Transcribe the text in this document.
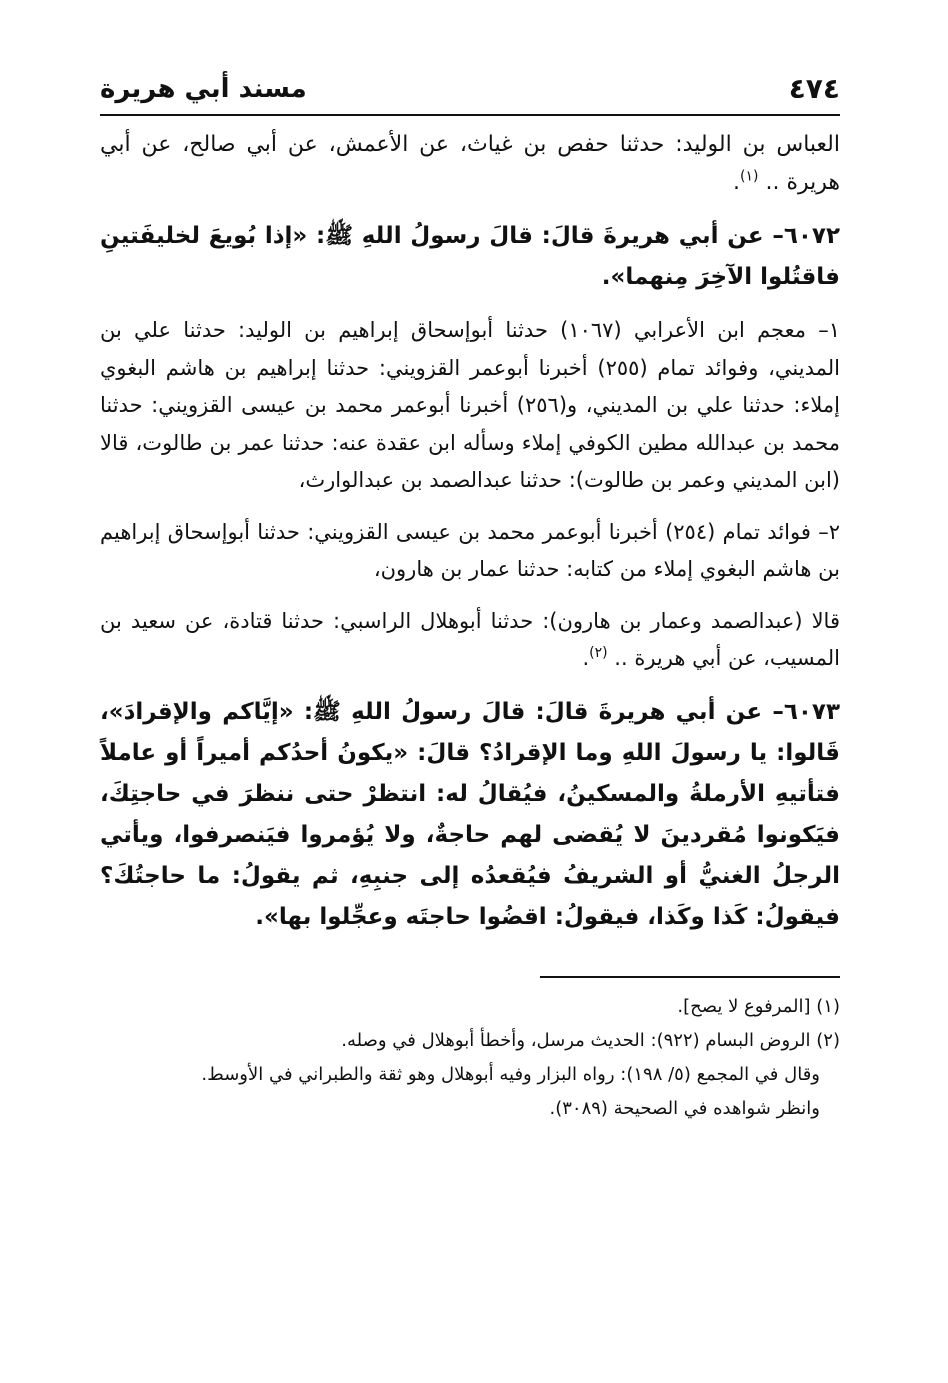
٤٧٤
مسند أبي هريرة

العباس بن الوليد: حدثنا حفص بن غياث، عن الأعمش، عن أبي صالح، عن أبي هريرة .. $^{(١)}$.

٦٠٧٢– عن أبي هريرةَ قالَ: قالَ رسولُ اللهِ ﷺ: «إذا بُويعَ لخليفَتينِ فاقتُلوا الآخِرَ مِنهما».

١– معجم ابن الأعرابي (١٠٦٧) حدثنا أبوإسحاق إبراهيم بن الوليد: حدثنا علي بن المديني، وفوائد تمام (٢٥٥) أخبرنا أبوعمر القزويني: حدثنا إبراهيم بن هاشم البغوي إملاء: حدثنا علي بن المديني، و(٢٥٦) أخبرنا أبوعمر محمد بن عيسى القزويني: حدثنا محمد بن عبدالله مطين الكوفي إملاء وسأله ابن عقدة عنه: حدثنا عمر بن طالوت، قالا (ابن المديني وعمر بن طالوت): حدثنا عبدالصمد بن عبدالوارث،

٢– فوائد تمام (٢٥٤) أخبرنا أبوعمر محمد بن عيسى القزويني: حدثنا أبوإسحاق إبراهيم بن هاشم البغوي إملاء من كتابه: حدثنا عمار بن هارون،

قالا (عبدالصمد وعمار بن هارون): حدثنا أبوهلال الراسبي: حدثنا قتادة، عن سعيد بن المسيب، عن أبي هريرة .. $^{(٢)}$.

٦٠٧٣– عن أبي هريرةَ قالَ: قالَ رسولُ اللهِ ﷺ: «إيَّاكم والإقرادَ»، قَالوا: يا رسولَ اللهِ وما الإقرادُ؟ قالَ: «يكونُ أحدُكم أميراً أو عاملاً فتأتيهِ الأرملةُ والمسكينُ، فيُقالُ له: انتظرْ حتى ننظرَ في حاجتِكَ، فيَكونوا مُقردينَ لا يُقضى لهم حاجةٌ، ولا يُؤمروا فيَنصرفوا، ويأتي الرجلُ الغنيُّ أو الشريفُ فيُقعدُه إلى جنبِهِ، ثم يقولُ: ما حاجتُكَ؟ فيقولُ: كَذا وكَذا، فيقولُ: اقضُوا حاجتَه وعجِّلوا بها».

(١) [المرفوع لا يصح].

(٢) الروض البسام (٩٢٢): الحديث مرسل، وأخطأ أبوهلال في وصله.

وقال في المجمع (٥/ ١٩٨): رواه البزار وفيه أبوهلال وهو ثقة والطبراني في الأوسط.

وانظر شواهده في الصحيحة (٣٠٨٩).
